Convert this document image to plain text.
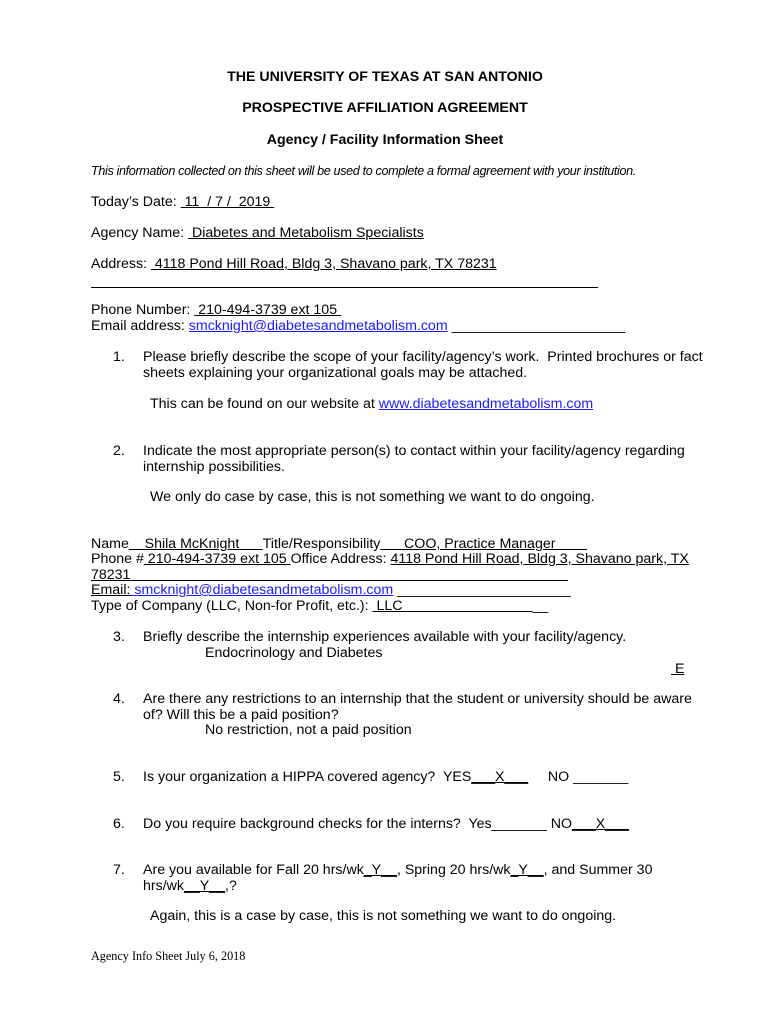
THE UNIVERSITY OF TEXAS AT SAN ANTONIO
PROSPECTIVE AFFILIATION AGREEMENT
Agency / Facility Information Sheet
This information collected on this sheet will be used to complete a formal agreement with your institution.
Today’s Date:  11  / 7 /  2019
Agency Name:  Diabetes and Metabolism Specialists
Address:  4118 Pond Hill Road, Bldg 3, Shavano park, TX 78231
Phone Number:  210-494-3739 ext 105
Email address: smcknight@diabetesandmetabolism.com ______________________
1. Please briefly describe the scope of your facility/agency’s work.  Printed brochures or fact
sheets explaining your organizational goals may be attached.
This can be found on our website at www.diabetesandmetabolism.com
2. Indicate the most appropriate person(s) to contact within your facility/agency regarding
internship possibilities.
We only do case by case, this is not something we want to do ongoing.
Name    Shila McKnight      Title/Responsibility      COO, Practice Manager
Phone # 210-494-3739 ext 105 Office Address: 4118 Pond Hill Road, Bldg 3, Shavano park, TX
78231
Email: smcknight@diabetesandmetabolism.com ______________________
Type of Company (LLC, Non-for Profit, etc.):  LLC                                 __
3. Briefly describe the internship experiences available with your facility/agency.
Endocrinology and Diabetes
E
4. Are there any restrictions to an internship that the student or university should be aware
of? Will this be a paid position?
No restriction, not a paid position
5. Is your organization a HIPPA covered agency?  YES___X___     NO _______
6. Do you require background checks for the interns?  Yes_______ NO___X___
7. Are you available for Fall 20 hrs/wk_Y__, Spring 20 hrs/wk_Y__, and Summer 30
hrs/wk__Y__,?
Again, this is a case by case, this is not something we want to do ongoing.
Agency Info Sheet July 6, 2018
